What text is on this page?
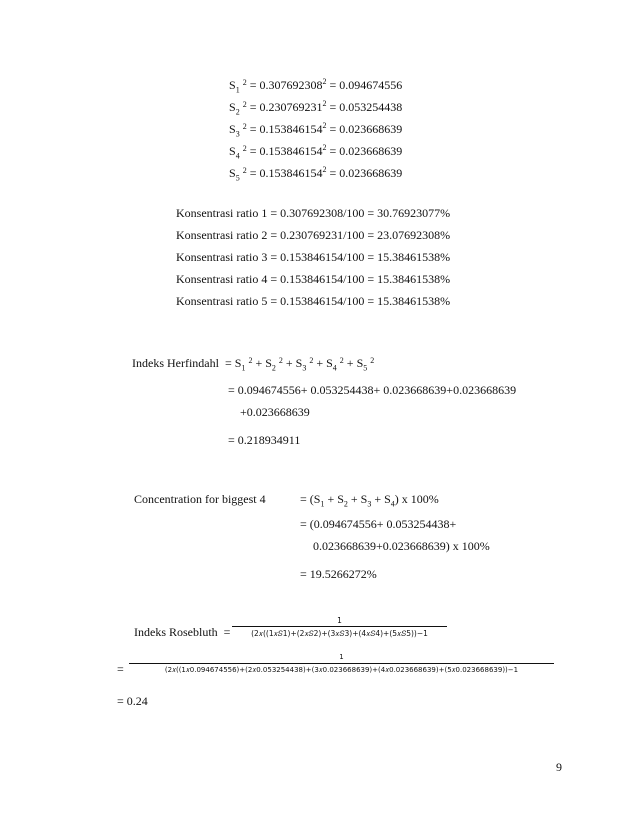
$S_1^2 = 0.307692308^2 = 0.094674556$
$S_2^2 = 0.230769231^2 = 0.053254438$
$S_3^2 = 0.153846154^2 = 0.023668639$
$S_4^2 = 0.153846154^2 = 0.023668639$
$S_5^2 = 0.153846154^2 = 0.023668639$
Konsentrasi ratio 1 = 0.307692308/100 = 30.76923077%
Konsentrasi ratio 2 = 0.230769231/100 = 23.07692308%
Konsentrasi ratio 3 = 0.153846154/100 = 15.38461538%
Konsentrasi ratio 4 = 0.153846154/100 = 15.38461538%
Konsentrasi ratio 5 = 0.153846154/100 = 15.38461538%
Indeks Herfindahl  = $S_1^2 + S_2^2 + S_3^2 + S_4^2 + S_5^2$
= 0.094674556+ 0.053254438+ 0.023668639+0.023668639
+0.023668639
= 0.218934911
Concentration for biggest 4	= $(S_1 + S_2 + S_3 + S_4)$ x 100%
= (0.094674556+ 0.053254438+
0.023668639+0.023668639) x 100%
= 19.5266272%
Indeks Rosebluth =
1
(2𝑥((1𝑥𝑆1)+(2𝑥𝑆2)+(3𝑥𝑆3)+(4𝑥𝑆4)+(5𝑥𝑆5))−1
=
1
(2𝑥((1𝑥0.094674556)+(2𝑥0.053254438)+(3𝑥0.023668639)+(4𝑥0.023668639)+(5𝑥0.023668639))−1
= 0.24
9
